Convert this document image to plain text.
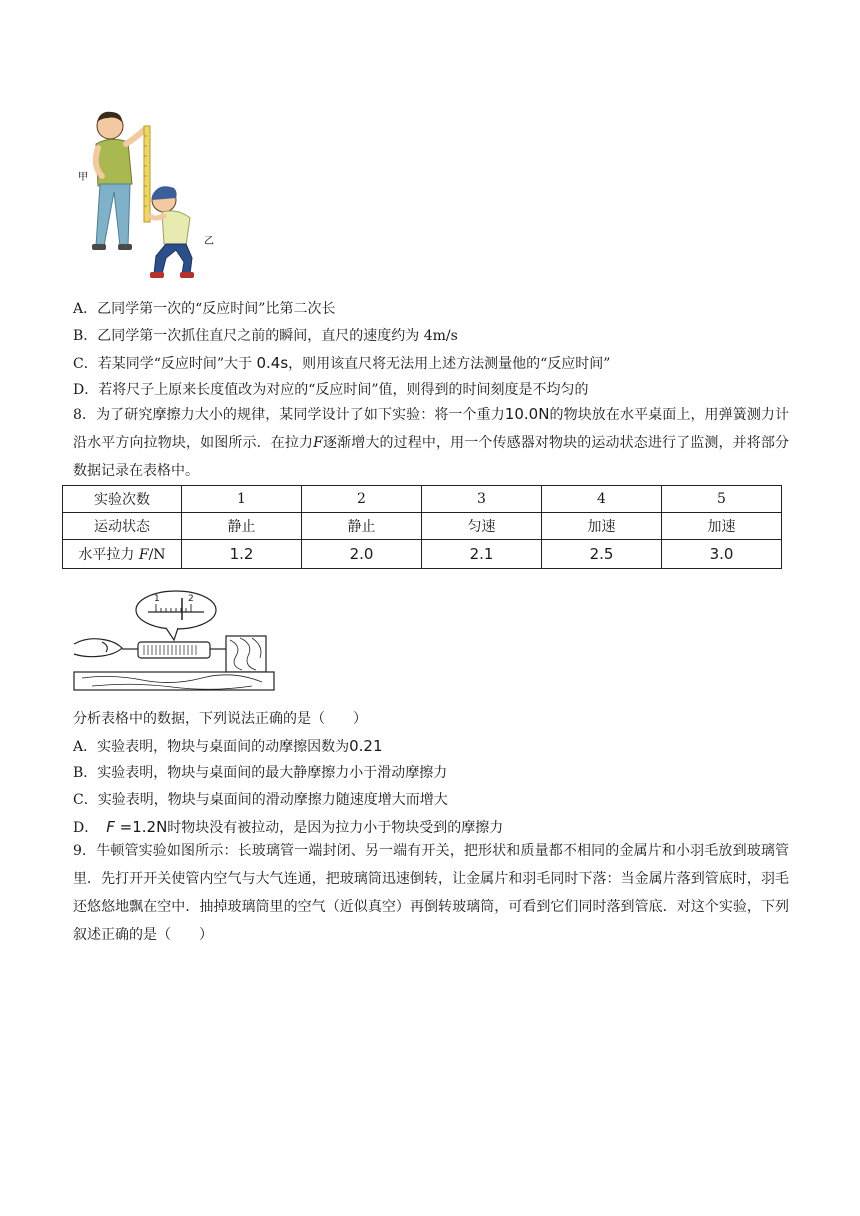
甲
乙
A．乙同学第一次的“反应时间”比第二次长
B．乙同学第一次抓住直尺之前的瞬间，直尺的速度约为 4m/s
C．若某同学“反应时间”大于 0.4s，则用该直尺将无法用上述方法测量他的“反应时间”
D．若将尺子上原来长度值改为对应的“反应时间”值，则得到的时间刻度是不均匀的
8．为了研究摩擦力大小的规律，某同学设计了如下实验：将一个重力10.0N的物块放在水平桌面上，用弹簧测力计沿水平方向拉物块，如图所示．在拉力F逐渐增大的过程中，用一个传感器对物块的运动状态进行了监测，并将部分数据记录在表格中。
实验次数	1	2	3	4	5
运动状态	静止	静止	匀速	加速	加速
水平拉力 F/N	1.2	2.0	2.1	2.5	3.0
1	2
分析表格中的数据，下列说法正确的是（　　）
A．实验表明，物块与桌面间的动摩擦因数为0.21
B．实验表明，物块与桌面间的最大静摩擦力小于滑动摩擦力
C．实验表明，物块与桌面间的滑动摩擦力随速度增大而增大
D． F =1.2N时物块没有被拉动，是因为拉力小于物块受到的摩擦力
9．牛顿管实验如图所示：长玻璃管一端封闭、另一端有开关，把形状和质量都不相同的金属片和小羽毛放到玻璃管里．先打开开关使管内空气与大气连通，把玻璃筒迅速倒转，让金属片和羽毛同时下落：当金属片落到管底时，羽毛还悠悠地飘在空中．抽掉玻璃筒里的空气（近似真空）再倒转玻璃筒，可看到它们同时落到管底．对这个实验，下列叙述正确的是（　　）
